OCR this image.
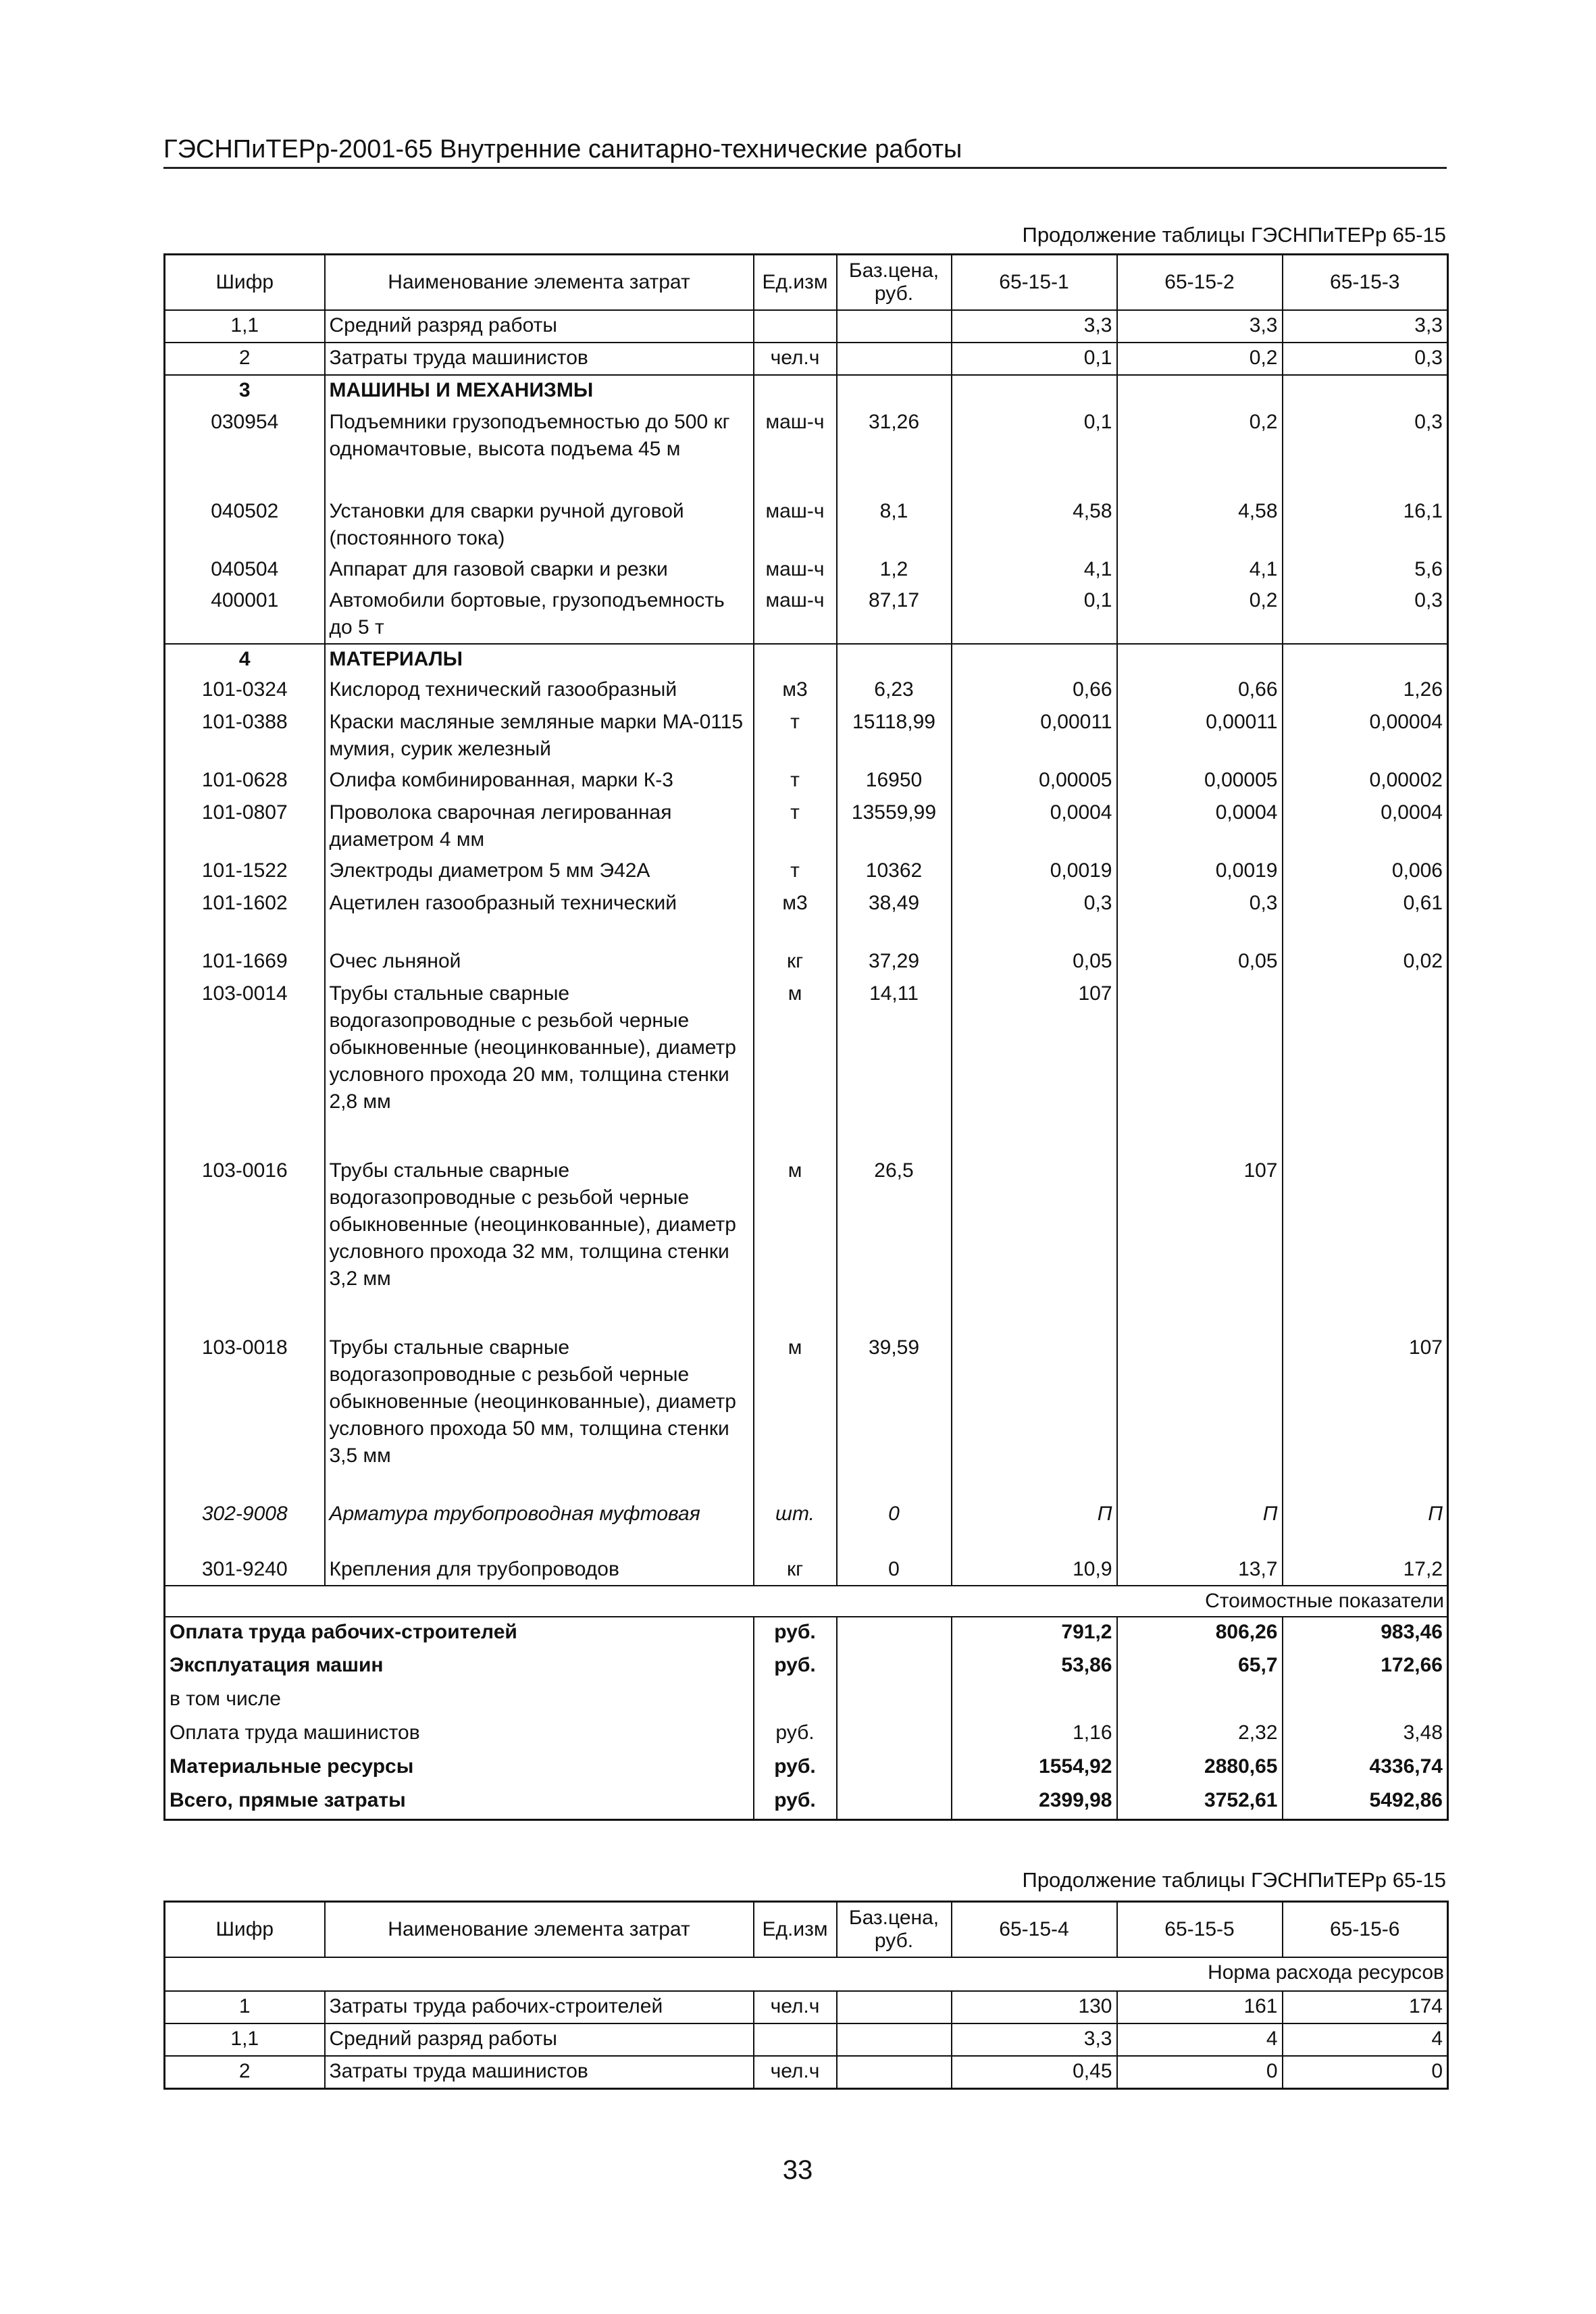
ГЭСНПиТЕРр-2001-65 Внутренние санитарно-технические работы
Продолжение таблицы ГЭСНПиТЕРр 65-15
Шифр	Наименование элемента затрат	Ед.изм	Баз.цена, руб.	65-15-1	65-15-2	65-15-3
1,1	Средний разряд работы			3,3	3,3	3,3
2	Затраты труда машинистов	чел.ч		0,1	0,2	0,3
3	МАШИНЫ И МЕХАНИЗМЫ					
030954	Подъемники грузоподъемностью до 500 кг одномачтовые, высота подъема 45 м	маш-ч	31,26	0,1	0,2	0,3
040502	Установки для сварки ручной дуговой (постоянного тока)	маш-ч	8,1	4,58	4,58	16,1
040504	Аппарат для газовой сварки и резки	маш-ч	1,2	4,1	4,1	5,6
400001	Автомобили бортовые, грузоподъемность до 5 т	маш-ч	87,17	0,1	0,2	0,3
4	МАТЕРИАЛЫ					
101-0324	Кислород технический газообразный	м3	6,23	0,66	0,66	1,26
101-0388	Краски масляные земляные марки МА-0115 мумия, сурик железный	т	15118,99	0,00011	0,00011	0,00004
101-0628	Олифа комбинированная, марки К-3	т	16950	0,00005	0,00005	0,00002
101-0807	Проволока сварочная легированная диаметром 4 мм	т	13559,99	0,0004	0,0004	0,0004
101-1522	Электроды диаметром 5 мм Э42А	т	10362	0,0019	0,0019	0,006
101-1602	Ацетилен газообразный технический	м3	38,49	0,3	0,3	0,61
101-1669	Очес льняной	кг	37,29	0,05	0,05	0,02
103-0014	Трубы стальные сварные водогазопроводные с резьбой черные обыкновенные (неоцинкованные), диаметр условного прохода 20 мм, толщина стенки 2,8 мм	м	14,11	107		
103-0016	Трубы стальные сварные водогазопроводные с резьбой черные обыкновенные (неоцинкованные), диаметр условного прохода 32 мм, толщина стенки 3,2 мм	м	26,5		107	
103-0018	Трубы стальные сварные водогазопроводные с резьбой черные обыкновенные (неоцинкованные), диаметр условного прохода 50 мм, толщина стенки 3,5 мм	м	39,59			107
302-9008	Арматура трубопроводная муфтовая	шт.	0	П	П	П
301-9240	Крепления для трубопроводов	кг	0	10,9	13,7	17,2
Стоимостные показатели						
Оплата труда рабочих-строителей		руб.		791,2	806,26	983,46
Эксплуатация машин		руб.		53,86	65,7	172,66
в том числе						
Оплата труда машинистов		руб.		1,16	2,32	3,48
Материальные ресурсы		руб.		1554,92	2880,65	4336,74
Всего, прямые затраты		руб.		2399,98	3752,61	5492,86
Продолжение таблицы ГЭСНПиТЕРр 65-15
Шифр	Наименование элемента затрат	Ед.изм	Баз.цена, руб.	65-15-4	65-15-5	65-15-6
Норма расхода ресурсов						
1	Затраты труда рабочих-строителей	чел.ч		130	161	174
1,1	Средний разряд работы			3,3	4	4
2	Затраты труда машинистов	чел.ч		0,45	0	0
33
